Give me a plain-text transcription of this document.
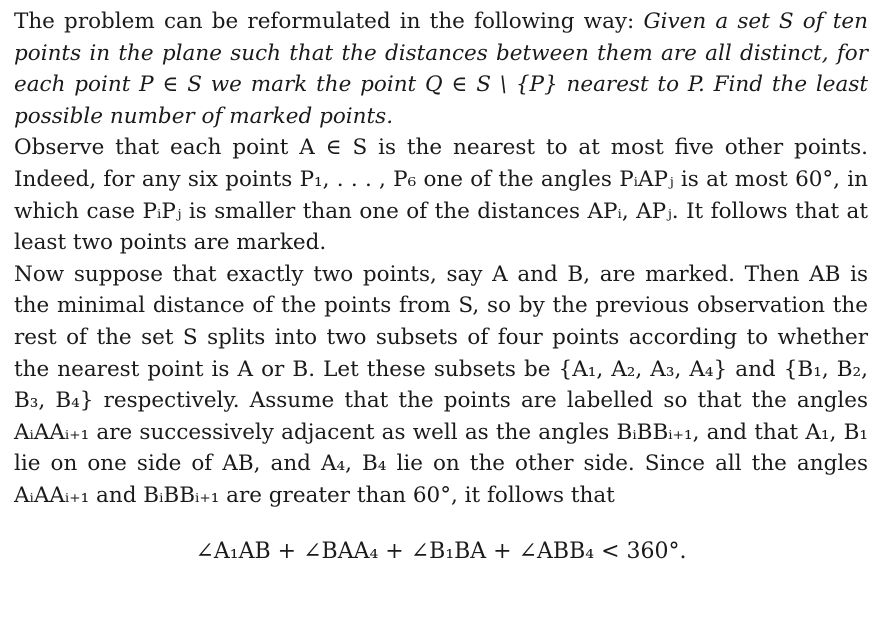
The problem can be reformulated in the following way: Given a set S of ten points in the plane such that the distances between them are all distinct, for each point P ∈ S we mark the point Q ∈ S \ {P} nearest to P. Find the least possible number of marked points.

Observe that each point A ∈ S is the nearest to at most five other points. Indeed, for any six points P₁, . . . , P₆ one of the angles PᵢAPⱼ is at most 60°, in which case PᵢPⱼ is smaller than one of the distances APᵢ, APⱼ. It follows that at least two points are marked.

Now suppose that exactly two points, say A and B, are marked. Then AB is the minimal distance of the points from S, so by the previous observation the rest of the set S splits into two subsets of four points according to whether the nearest point is A or B. Let these subsets be {A₁, A₂, A₃, A₄} and {B₁, B₂, B₃, B₄} respectively. Assume that the points are labelled so that the angles AᵢAAᵢ₊₁ are successively adjacent as well as the angles BᵢBBᵢ₊₁, and that A₁, B₁ lie on one side of AB, and A₄, B₄ lie on the other side. Since all the angles AᵢAAᵢ₊₁ and BᵢBBᵢ₊₁ are greater than 60°, it follows that

∠A₁AB + ∠BAA₄ + ∠B₁BA + ∠ABB₄ < 360°.
